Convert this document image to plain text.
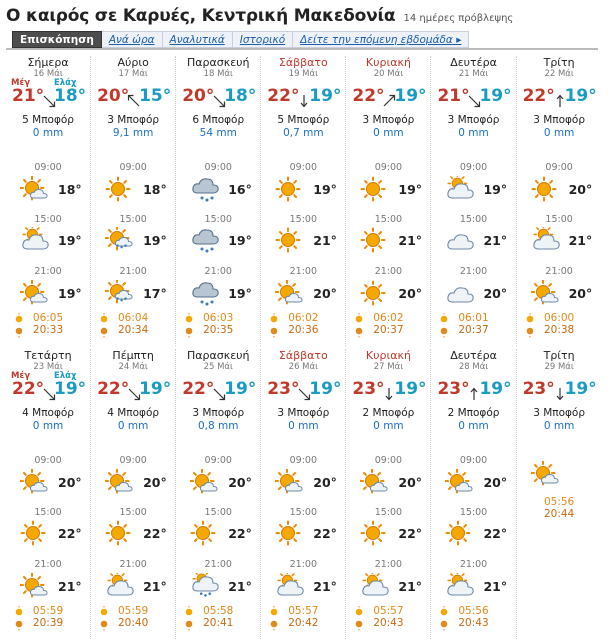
Ο καιρός σε Καρυές, Κεντρική Μακεδονία 14 ημέρες πρόβλεψης
Επισκόπηση	Ανά ώρα	Αναλυτικά	Ιστορικό	Δείτε την επόμενη εβδομάδα ▸
Σήμερα
16 Μάι
Μέγ	Ελάχ
21° 18°
5 Μποφόρ
0 mm
09:00
18°
15:00
19°
21:00
19°
06:05
20:33
Αύριο
17 Μάι
20° 15°
3 Μποφόρ
9,1 mm
09:00
18°
15:00
19°
21:00
17°
06:04
20:34
Παρασκευή
18 Μάι
20° 18°
6 Μποφόρ
54 mm
09:00
16°
15:00
19°
21:00
19°
06:03
20:35
Σάββατο
19 Μάι
22° 19°
5 Μποφόρ
0,7 mm
09:00
19°
15:00
21°
21:00
20°
06:02
20:36
Κυριακή
20 Μάι
22° 19°
3 Μποφόρ
0 mm
09:00
19°
15:00
21°
21:00
20°
06:02
20:37
Δευτέρα
21 Μάι
21° 19°
3 Μποφόρ
0 mm
09:00
19°
15:00
21°
21:00
20°
06:01
20:37
Τρίτη
22 Μάι
22° 19°
3 Μποφόρ
0 mm
09:00
20°
15:00
21°
21:00
20°
06:00
20:38
Τετάρτη
23 Μάι
Μέγ	Ελάχ
22° 19°
4 Μποφόρ
0 mm
09:00
20°
15:00
22°
21:00
21°
05:59
20:39
Πέμπτη
24 Μάι
22° 19°
4 Μποφόρ
0 mm
09:00
20°
15:00
22°
21:00
21°
05:59
20:40
Παρασκευή
25 Μάι
22° 19°
3 Μποφόρ
0,8 mm
09:00
20°
15:00
22°
21:00
21°
05:58
20:41
Σάββατο
26 Μάι
23° 19°
3 Μποφόρ
0 mm
09:00
20°
15:00
22°
21:00
21°
05:57
20:42
Κυριακή
27 Μάι
23° 19°
2 Μποφόρ
0 mm
09:00
20°
15:00
22°
21:00
21°
05:57
20:43
Δευτέρα
28 Μάι
23° 19°
2 Μποφόρ
0 mm
09:00
20°
15:00
22°
21:00
21°
05:56
20:43
Τρίτη
29 Μάι
23° 19°
3 Μποφόρ
0 mm
05:56
20:44
